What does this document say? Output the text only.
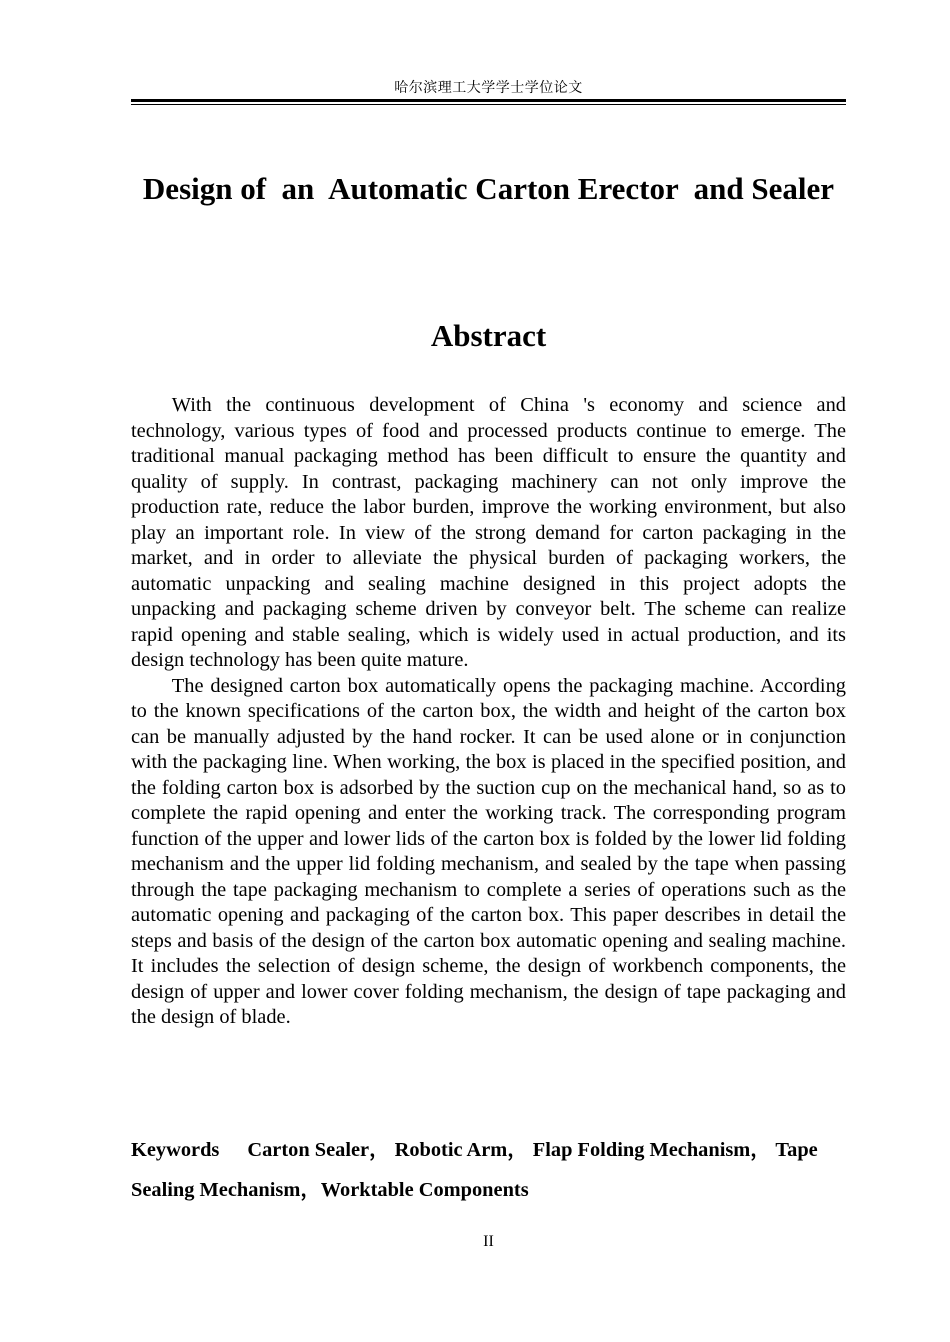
哈尔滨理工大学学士学位论文
Design of  an  Automatic Carton Erector  and Sealer
Abstract

With the continuous development of China 's economy and science and technology, various types of food and processed products continue to emerge. The traditional manual packaging method has been difficult to ensure the quantity and quality of supply. In contrast, packaging machinery can not only improve the production rate, reduce the labor burden, improve the working environment, but also play an important role. In view of the strong demand for carton packaging in the market, and in order to alleviate the physical burden of packaging workers, the automatic unpacking and sealing machine designed in this project adopts the unpacking and packaging scheme driven by conveyor belt. The scheme can realize rapid opening and stable sealing, which is widely used in actual production, and its design technology has been quite mature.

The designed carton box automatically opens the packaging machine. According to the known specifications of the carton box, the width and height of the carton box can be manually adjusted by the hand rocker. It can be used alone or in conjunction with the packaging line. When working, the box is placed in the specified position, and the folding carton box is adsorbed by the suction cup on the mechanical hand, so as to complete the rapid opening and enter the working track. The corresponding program function of the upper and lower lids of the carton box is folded by the lower lid folding mechanism and the upper lid folding mechanism, and sealed by the tape when passing through the tape packaging mechanism to complete a series of operations such as the automatic opening and packaging of the carton box. This paper describes in detail the steps and basis of the design of the carton box automatic opening and sealing machine. It includes the selection of design scheme, the design of workbench components, the design of upper and lower cover folding mechanism, the design of tape packaging and the design of blade.

Keywords Carton Sealer， Robotic Arm， Flap Folding Mechanism， Tape Sealing Mechanism，Worktable Components
II
